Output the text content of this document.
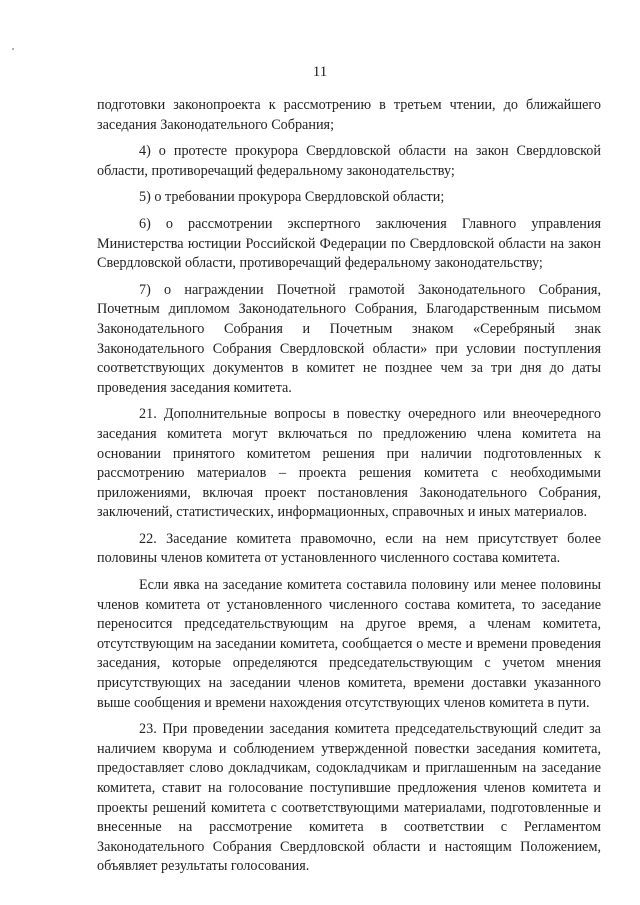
11

подготовки законопроекта к рассмотрению в третьем чтении, до ближайшего заседания Законодательного Собрания;

4) о протесте прокурора Свердловской области на закон Свердловской области, противоречащий федеральному законодательству;

5) о требовании прокурора Свердловской области;

6) о рассмотрении экспертного заключения Главного управления Министерства юстиции Российской Федерации по Свердловской области на закон Свердловской области, противоречащий федеральному законодательству;

7) о награждении Почетной грамотой Законодательного Собрания, Почетным дипломом Законодательного Собрания, Благодарственным письмом Законодательного Собрания и Почетным знаком «Серебряный знак Законодательного Собрания Свердловской области» при условии поступления соответствующих документов в комитет не позднее чем за три дня до даты проведения заседания комитета.

21. Дополнительные вопросы в повестку очередного или внеочередного заседания комитета могут включаться по предложению члена комитета на основании принятого комитетом решения при наличии подготовленных к рассмотрению материалов – проекта решения комитета с необходимыми приложениями, включая проект постановления Законодательного Собрания, заключений, статистических, информационных, справочных и иных материалов.

22. Заседание комитета правомочно, если на нем присутствует более половины членов комитета от установленного численного состава комитета.

Если явка на заседание комитета составила половину или менее половины членов комитета от установленного численного состава комитета, то заседание переносится председательствующим на другое время, а членам комитета, отсутствующим на заседании комитета, сообщается о месте и времени проведения заседания, которые определяются председательствующим с учетом мнения присутствующих на заседании членов комитета, времени доставки указанного выше сообщения и времени нахождения отсутствующих членов комитета в пути.

23. При проведении заседания комитета председательствующий следит за наличием кворума и соблюдением утвержденной повестки заседания комитета, предоставляет слово докладчикам, содокладчикам и приглашенным на заседание комитета, ставит на голосование поступившие предложения членов комитета и проекты решений комитета с соответствующими материалами, подготовленные и внесенные на рассмотрение комитета в соответствии с Регламентом Законодательного Собрания Свердловской области и настоящим Положением, объявляет результаты голосования.
